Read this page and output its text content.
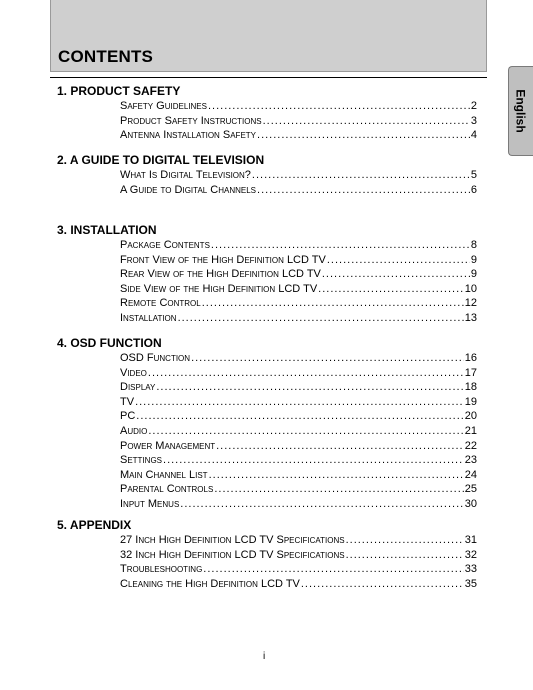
CONTENTS
English
1. PRODUCT SAFETY
Safety Guidelines .....	2
Product Safety Instructions .....	3
Antenna Installation Safety .....	4
2. A GUIDE TO DIGITAL TELEVISION
What Is Digital Television? .....	5
A Guide to Digital Channels .....	6
3. INSTALLATION
Package Contents .....	8
Front View of the High Definition LCD TV .....	9
Rear View of the High Definition LCD TV .....	9
Side View of the High Definition LCD TV .....	10
Remote Control .....	12
Installation .....	13
4. OSD FUNCTION
OSD Function .....	16
Video .....	17
Display .....	18
TV .....	19
PC .....	20
Audio .....	21
Power Management .....	22
Settings .....	23
Main Channel List .....	24
Parental Controls .....	25
Input Menus .....	30
5. APPENDIX
27 Inch High Definition LCD TV Specifications .....	31
32 Inch High Definition LCD TV Specifications .....	32
Troubleshooting .....	33
Cleaning the High Definition LCD TV .....	35
i
